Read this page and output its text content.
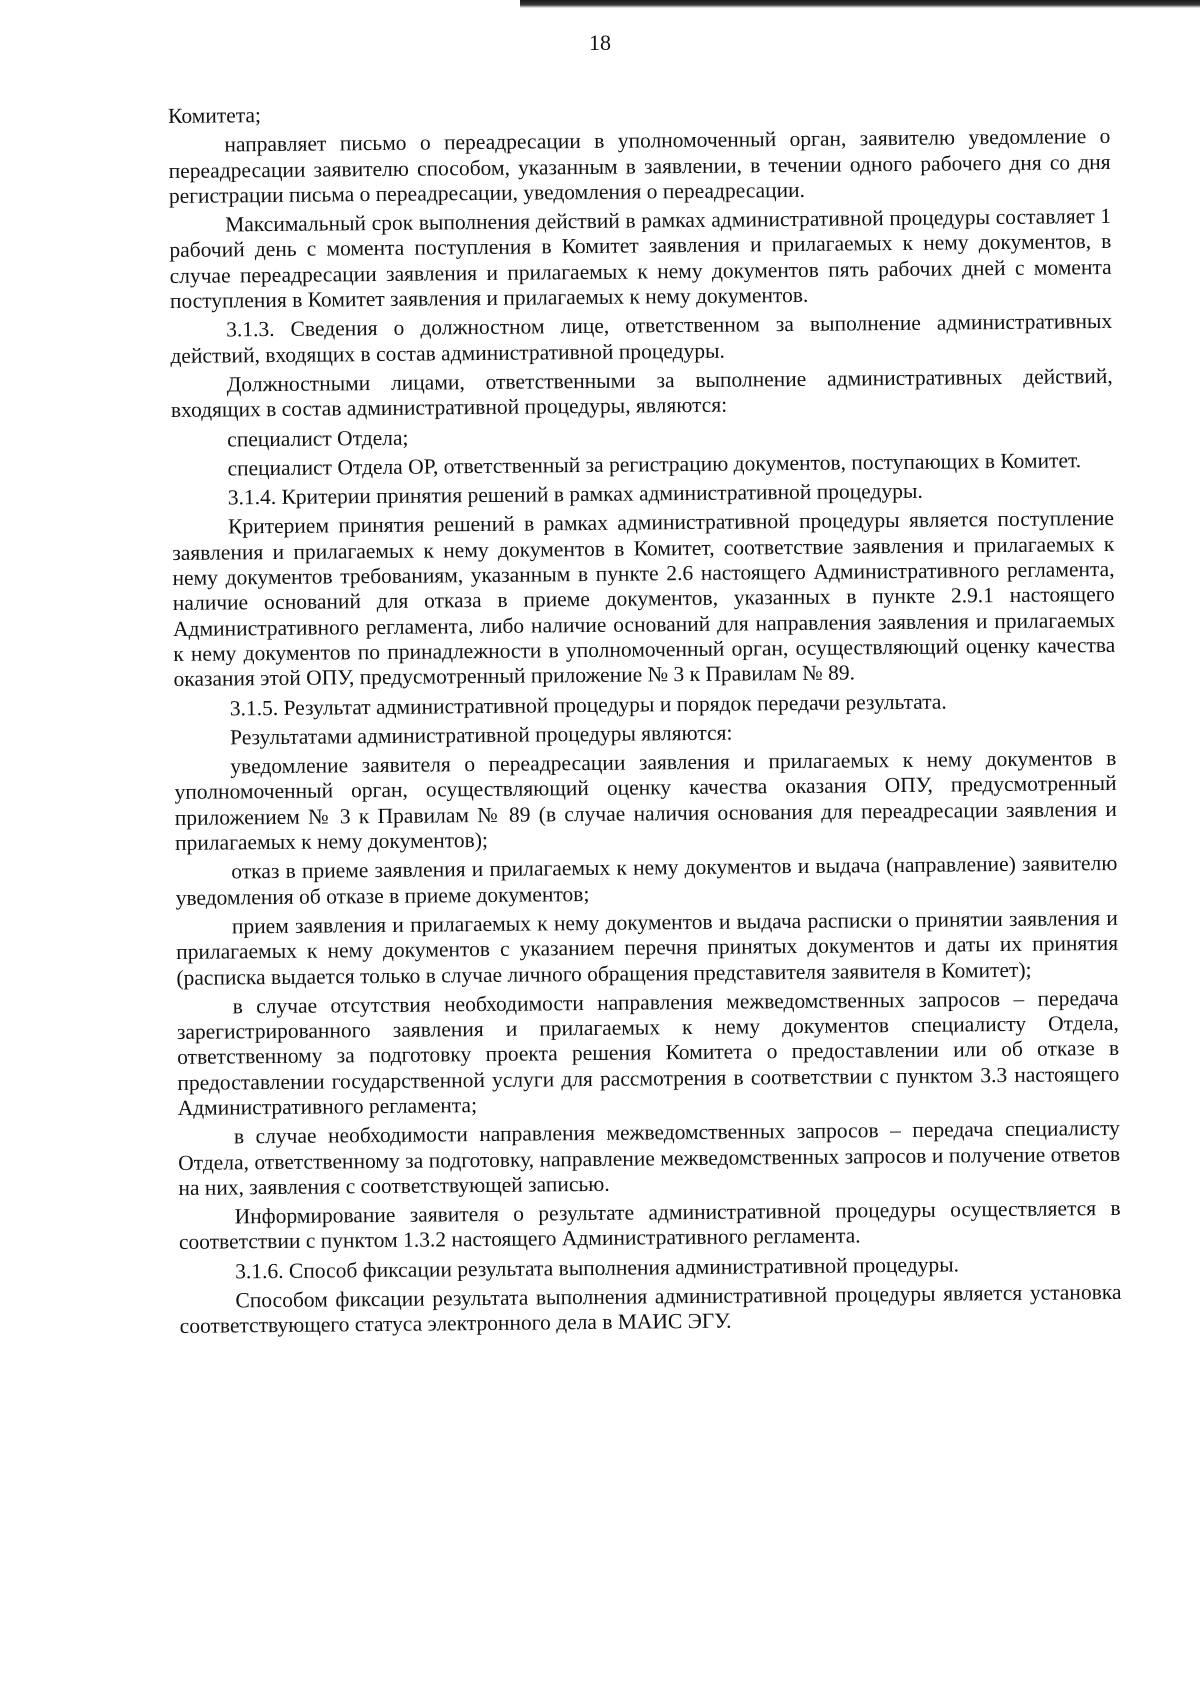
18

Комитета;

направляет письмо о переадресации в уполномоченный орган, заявителю уведомление о переадресации заявителю способом, указанным в заявлении, в течении одного рабочего дня со дня регистрации письма о переадресации, уведомления о переадресации.

Максимальный срок выполнения действий в рамках административной процедуры составляет 1 рабочий день с момента поступления в Комитет заявления и прилагаемых к нему документов, в случае переадресации заявления и прилагаемых к нему документов пять рабочих дней с момента поступления в Комитет заявления и прилагаемых к нему документов.

3.1.3. Сведения о должностном лице, ответственном за выполнение административных действий, входящих в состав административной процедуры.

Должностными лицами, ответственными за выполнение административных действий, входящих в состав административной процедуры, являются:

специалист Отдела;

специалист Отдела ОР, ответственный за регистрацию документов, поступающих в Комитет.

3.1.4. Критерии принятия решений в рамках административной процедуры.

Критерием принятия решений в рамках административной процедуры является поступление заявления и прилагаемых к нему документов в Комитет, соответствие заявления и прилагаемых к нему документов требованиям, указанным в пункте 2.6 настоящего Административного регламента, наличие оснований для отказа в приеме документов, указанных в пункте 2.9.1 настоящего Административного регламента, либо наличие оснований для направления заявления и прилагаемых к нему документов по принадлежности в уполномоченный орган, осуществляющий оценку качества оказания этой ОПУ, предусмотренный приложение № 3 к Правилам № 89.

3.1.5. Результат административной процедуры и порядок передачи результата.

Результатами административной процедуры являются:

уведомление заявителя о переадресации заявления и прилагаемых к нему документов в уполномоченный орган, осуществляющий оценку качества оказания ОПУ, предусмотренный приложением № 3 к Правилам № 89 (в случае наличия основания для переадресации заявления и прилагаемых к нему документов);

отказ в приеме заявления и прилагаемых к нему документов и выдача (направление) заявителю уведомления об отказе в приеме документов;

прием заявления и прилагаемых к нему документов и выдача расписки о принятии заявления и прилагаемых к нему документов с указанием перечня принятых документов и даты их принятия (расписка выдается только в случае личного обращения представителя заявителя в Комитет);

в случае отсутствия необходимости направления межведомственных запросов – передача зарегистрированного заявления и прилагаемых к нему документов специалисту Отдела, ответственному за подготовку проекта решения Комитета о предоставлении или об отказе в предоставлении государственной услуги для рассмотрения в соответствии с пунктом 3.3 настоящего Административного регламента;

в случае необходимости направления межведомственных запросов – передача специалисту Отдела, ответственному за подготовку, направление межведомственных запросов и получение ответов на них, заявления с соответствующей записью.

Информирование заявителя о результате административной процедуры осуществляется в соответствии с пунктом 1.3.2 настоящего Административного регламента.

3.1.6. Способ фиксации результата выполнения административной процедуры.

Способом фиксации результата выполнения административной процедуры является установка соответствующего статуса электронного дела в МАИС ЭГУ.
